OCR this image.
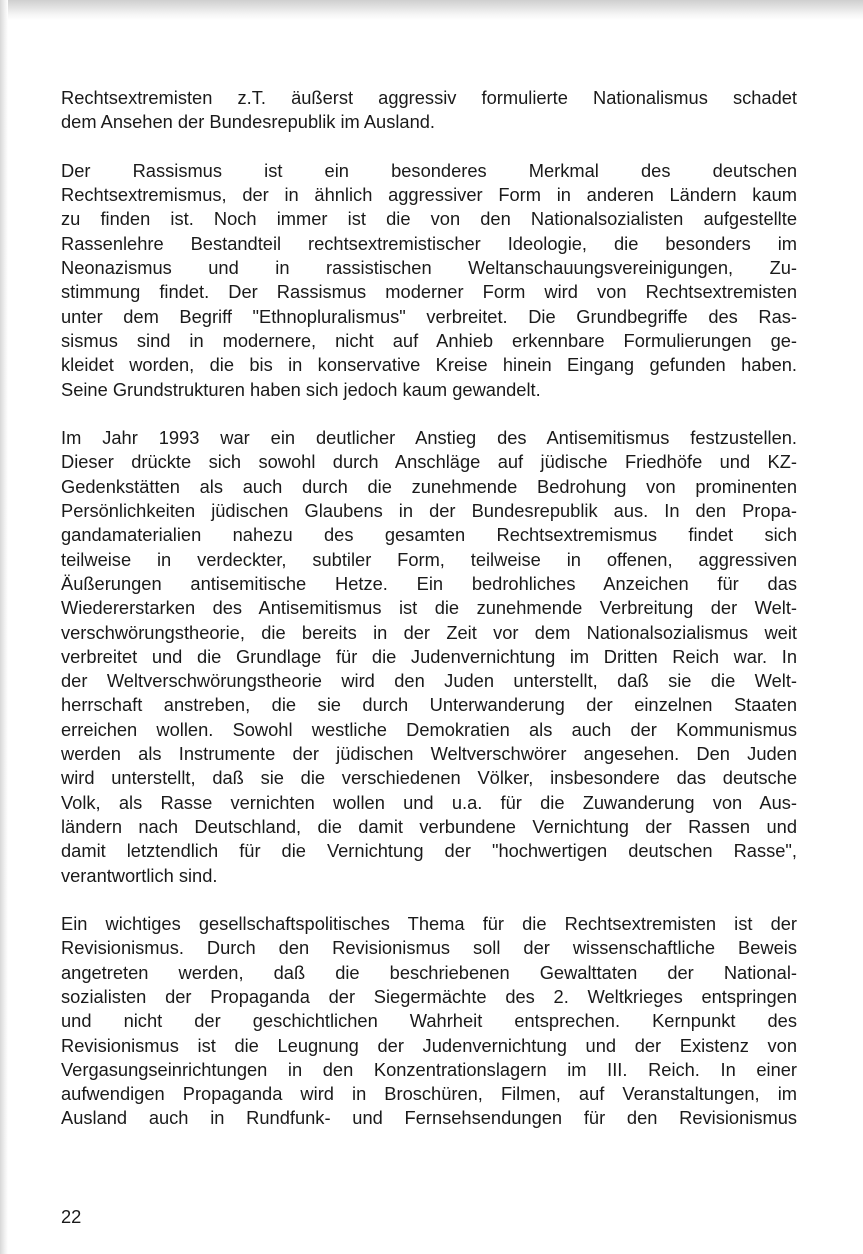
Rechtsextremisten z.T. äußerst aggressiv formulierte Nationalismus schadet
dem Ansehen der Bundesrepublik im Ausland.

Der Rassismus ist ein besonderes Merkmal des deutschen
Rechtsextremismus, der in ähnlich aggressiver Form in anderen Ländern kaum
zu finden ist. Noch immer ist die von den Nationalsozialisten aufgestellte
Rassenlehre Bestandteil rechtsextremistischer Ideologie, die besonders im
Neonazismus und in rassistischen Weltanschauungsvereinigungen, Zu-
stimmung findet. Der Rassismus moderner Form wird von Rechtsextremisten
unter dem Begriff "Ethnopluralismus" verbreitet. Die Grundbegriffe des Ras-
sismus sind in modernere, nicht auf Anhieb erkennbare Formulierungen ge-
kleidet worden, die bis in konservative Kreise hinein Eingang gefunden haben.
Seine Grundstrukturen haben sich jedoch kaum gewandelt.

Im Jahr 1993 war ein deutlicher Anstieg des Antisemitismus festzustellen.
Dieser drückte sich sowohl durch Anschläge auf jüdische Friedhöfe und KZ-
Gedenkstätten als auch durch die zunehmende Bedrohung von prominenten
Persönlichkeiten jüdischen Glaubens in der Bundesrepublik aus. In den Propa-
gandamaterialien nahezu des gesamten Rechtsextremismus findet sich
teilweise in verdeckter, subtiler Form, teilweise in offenen, aggressiven
Äußerungen antisemitische Hetze. Ein bedrohliches Anzeichen für das
Wiedererstarken des Antisemitismus ist die zunehmende Verbreitung der Welt-
verschwörungstheorie, die bereits in der Zeit vor dem Nationalsozialismus weit
verbreitet und die Grundlage für die Judenvernichtung im Dritten Reich war. In
der Weltverschwörungstheorie wird den Juden unterstellt, daß sie die Welt-
herrschaft anstreben, die sie durch Unterwanderung der einzelnen Staaten
erreichen wollen. Sowohl westliche Demokratien als auch der Kommunismus
werden als Instrumente der jüdischen Weltverschwörer angesehen. Den Juden
wird unterstellt, daß sie die verschiedenen Völker, insbesondere das deutsche
Volk, als Rasse vernichten wollen und u.a. für die Zuwanderung von Aus-
ländern nach Deutschland, die damit verbundene Vernichtung der Rassen und
damit letztendlich für die Vernichtung der "hochwertigen deutschen Rasse",
verantwortlich sind.

Ein wichtiges gesellschaftspolitisches Thema für die Rechtsextremisten ist der
Revisionismus. Durch den Revisionismus soll der wissenschaftliche Beweis
angetreten werden, daß die beschriebenen Gewalttaten der National-
sozialisten der Propaganda der Siegermächte des 2. Weltkrieges entspringen
und nicht der geschichtlichen Wahrheit entsprechen. Kernpunkt des
Revisionismus ist die Leugnung der Judenvernichtung und der Existenz von
Vergasungseinrichtungen in den Konzentrationslagern im III. Reich. In einer
aufwendigen Propaganda wird in Broschüren, Filmen, auf Veranstaltungen, im
Ausland auch in Rundfunk- und Fernsehsendungen für den Revisionismus

22
